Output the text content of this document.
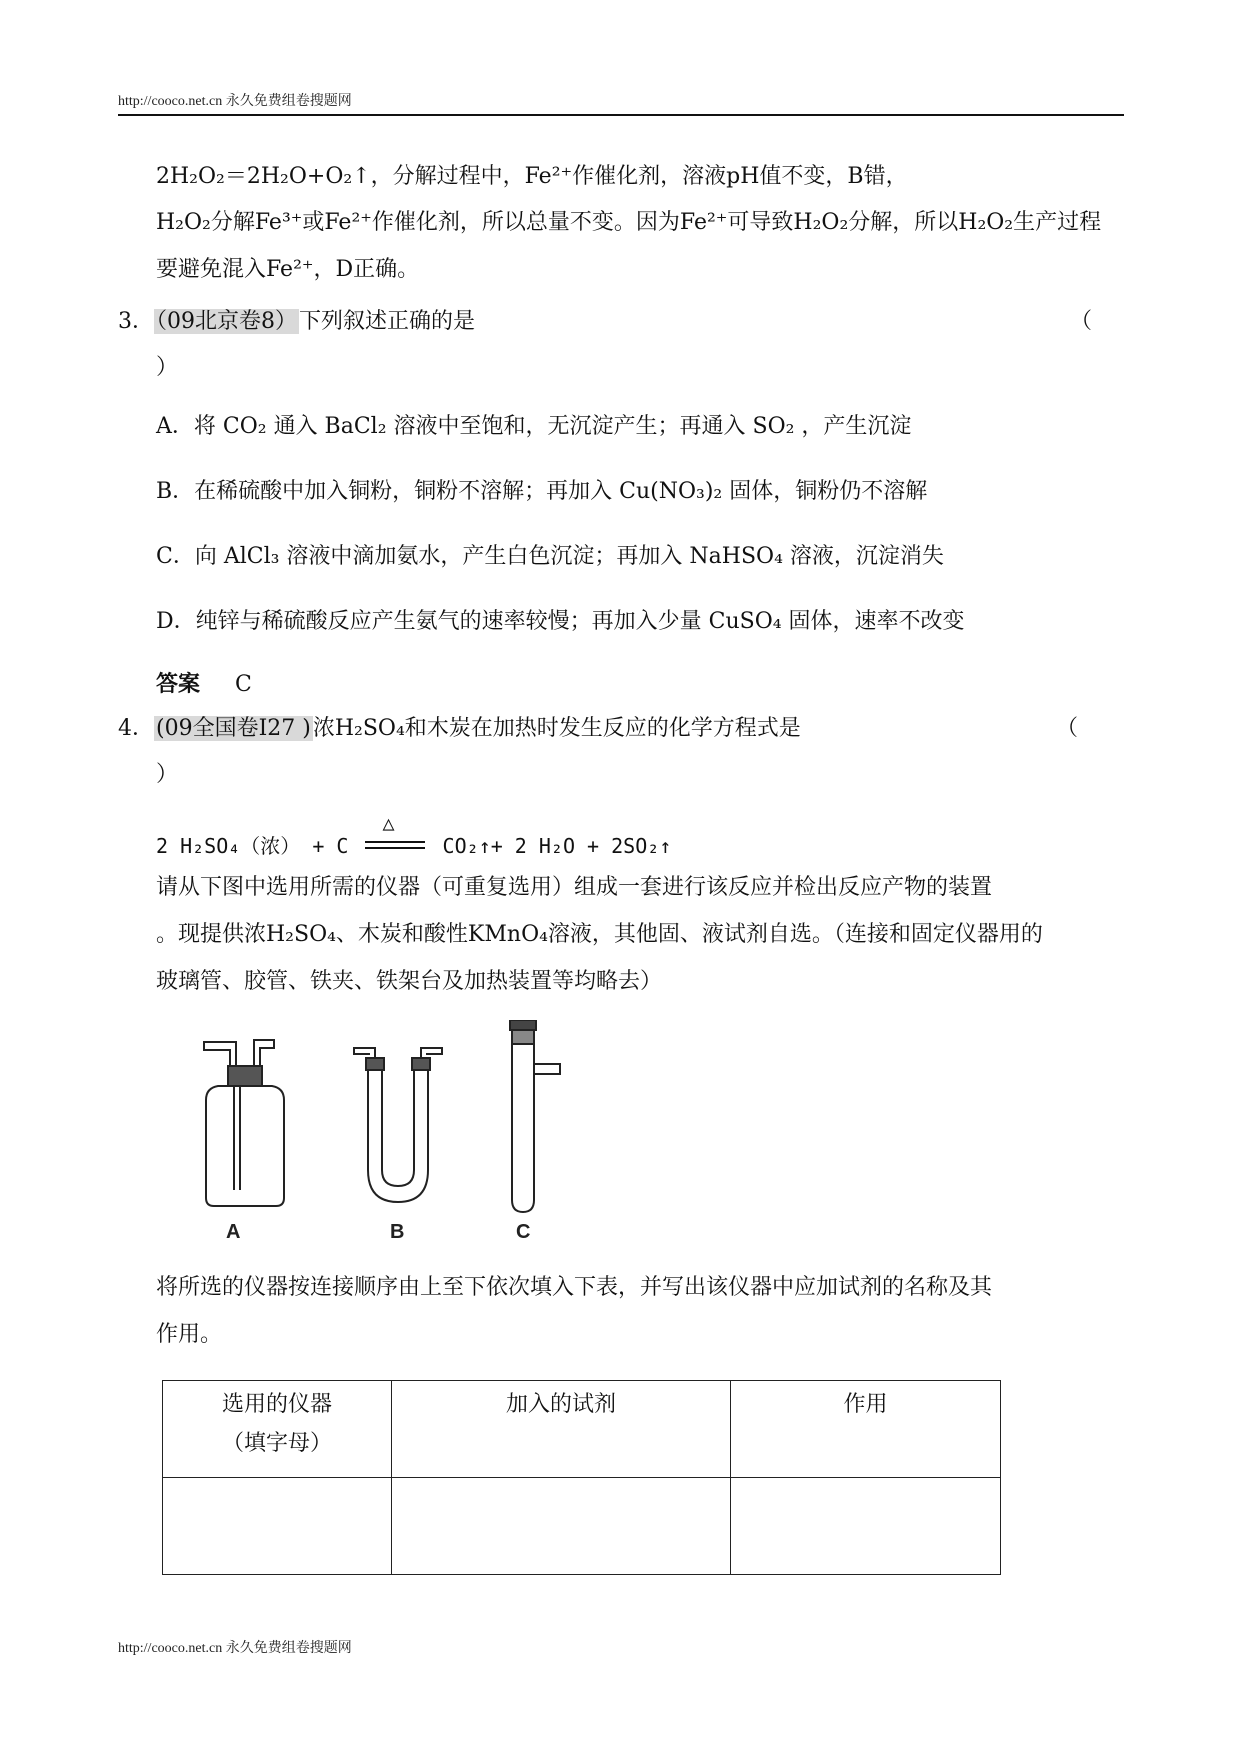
http://cooco.net.cn 永久免费组卷搜题网
2H₂O₂＝2H₂O+O₂↑，分解过程中，Fe²⁺作催化剂，溶液pH值不变，B错，
H₂O₂分解Fe³⁺或Fe²⁺作催化剂，所以总量不变。因为Fe²⁺可导致H₂O₂分解，所以H₂O₂生产过程
要避免混入Fe²⁺，D正确。
3．（09北京卷8）下列叙述正确的是	（
）
A．将 CO₂ 通入 BaCl₂ 溶液中至饱和，无沉淀产生；再通入 SO₂ ，产生沉淀
B．在稀硫酸中加入铜粉，铜粉不溶解；再加入 Cu(NO₃)₂ 固体，铜粉仍不溶解
C．向 AlCl₃ 溶液中滴加氨水，产生白色沉淀；再加入 NaHSO₄ 溶液，沉淀消失
D．纯锌与稀硫酸反应产生氨气的速率较慢；再加入少量 CuSO₄ 固体，速率不改变
答案 C
4．(09全国卷Ⅰ27 )浓H₂SO₄和木炭在加热时发生反应的化学方程式是	（
）
2 H₂SO₄（浓） + C
△
CO₂↑+ 2 H₂O + 2SO₂↑
请从下图中选用所需的仪器（可重复选用）组成一套进行该反应并检出反应产物的装置
。现提供浓H₂SO₄、木炭和酸性KMnO₄溶液，其他固、液试剂自选。（连接和固定仪器用的
玻璃管、胶管、铁夹、铁架台及加热装置等均略去）
A	B	C
将所选的仪器按连接顺序由上至下依次填入下表，并写出该仪器中应加试剂的名称及其
作用。
选用的仪器
（填字母）	加入的试剂	作用

http://cooco.net.cn 永久免费组卷搜题网
